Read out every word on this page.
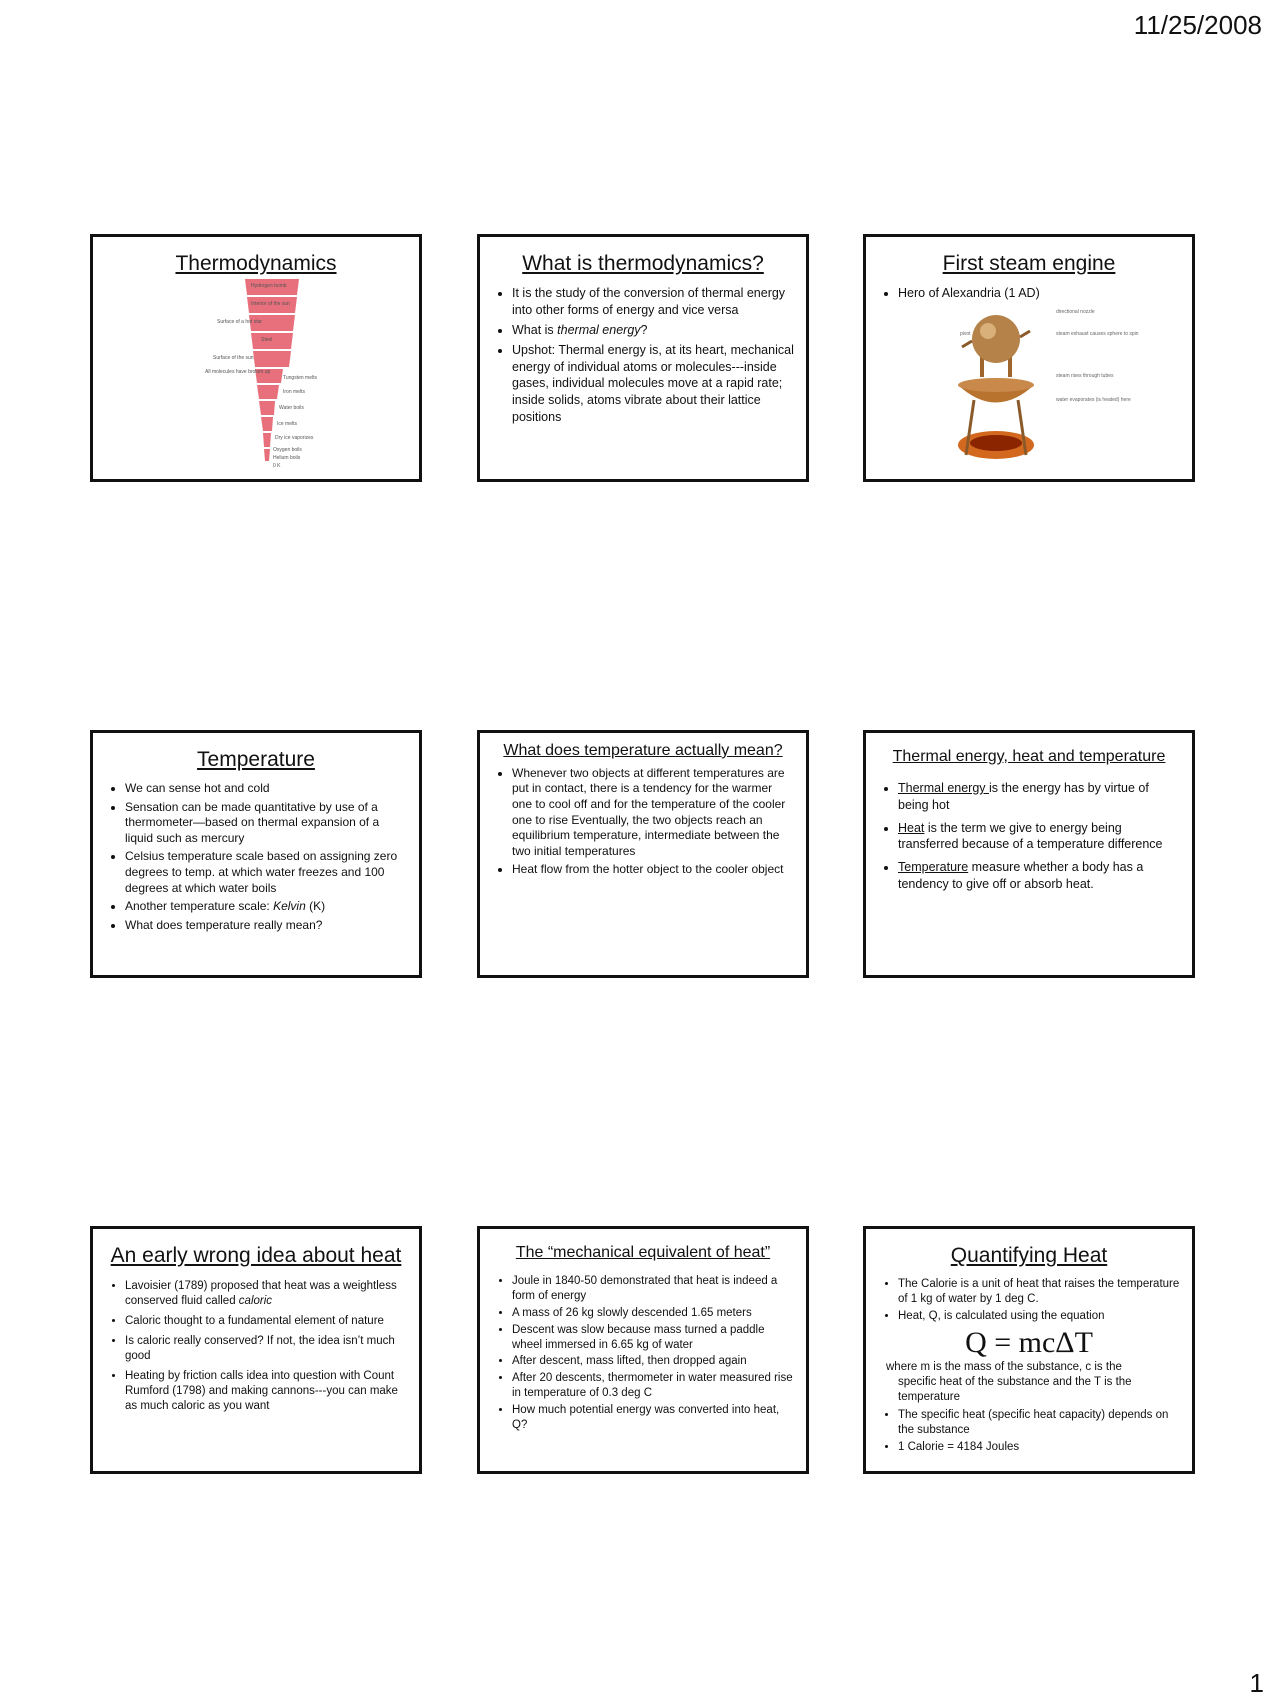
11/25/2008
Thermodynamics
Hydrogen bomb
Interior of the sun
Surface of a hot star
Steel
Surface of the sun
All molecules have broken up
Tungsten melts
Iron melts
Water boils
Ice melts
Dry ice vaporizes
Oxygen boils
Helium boils
0 K
What is thermodynamics?
• It is the study of the conversion of thermal energy into other forms of energy and vice versa
• What is thermal energy?
• Upshot: Thermal energy is, at its heart, mechanical energy of individual atoms or molecules---inside gases, individual molecules move at a rapid rate; inside solids, atoms vibrate about their lattice positions
First steam engine
• Hero of Alexandria (1 AD)
directional nozzle
steam exhaust causes sphere to spin
pivot
steam rises through tubes
water evaporates (is heated) here
Temperature
• We can sense hot and cold
• Sensation can be made quantitative by use of a thermometer—based on thermal expansion of a liquid such as mercury
• Celsius temperature scale based on assigning zero degrees to temp. at which water freezes and 100 degrees at which water boils
• Another temperature scale: Kelvin (K)
• What does temperature really mean?
What does temperature actually mean?
• Whenever two objects at different temperatures are put in contact, there is a tendency for the warmer one to cool off and for the temperature of the cooler one to rise Eventually, the two objects reach an equilibrium temperature, intermediate between the two initial temperatures
• Heat flow from the hotter object to the cooler object
Thermal energy, heat and temperature
• Thermal energy is the energy has by virtue of being hot
• Heat is the term we give to energy being transferred because of a temperature difference
• Temperature measure whether a body has a tendency to give off or absorb heat.
An early wrong idea about heat
• Lavoisier (1789) proposed that heat was a weightless conserved fluid called caloric
• Caloric thought to a fundamental element of nature
• Is caloric really conserved? If not, the idea isn’t much good
• Heating by friction calls idea into question with Count Rumford (1798) and making cannons---you can make as much caloric as you want
The “mechanical equivalent of heat”
• Joule in 1840-50 demonstrated that heat is indeed a form of energy
• A mass of 26 kg slowly descended 1.65 meters
• Descent was slow because mass turned a paddle wheel immersed in 6.65 kg of water
• After descent, mass lifted, then dropped again
• After 20 descents, thermometer in water measured rise in temperature of 0.3 deg C
• How much potential energy was converted into heat, Q?
Quantifying Heat
• The Calorie is a unit of heat that raises the temperature of 1 kg of water by 1 deg C.
• Heat, Q, is calculated using the equation
Q = mcΔT
where m is the mass of the substance, c is the
specific heat of the substance and the T is the temperature
• The specific heat (specific heat capacity) depends on the substance
• 1 Calorie = 4184 Joules
1
